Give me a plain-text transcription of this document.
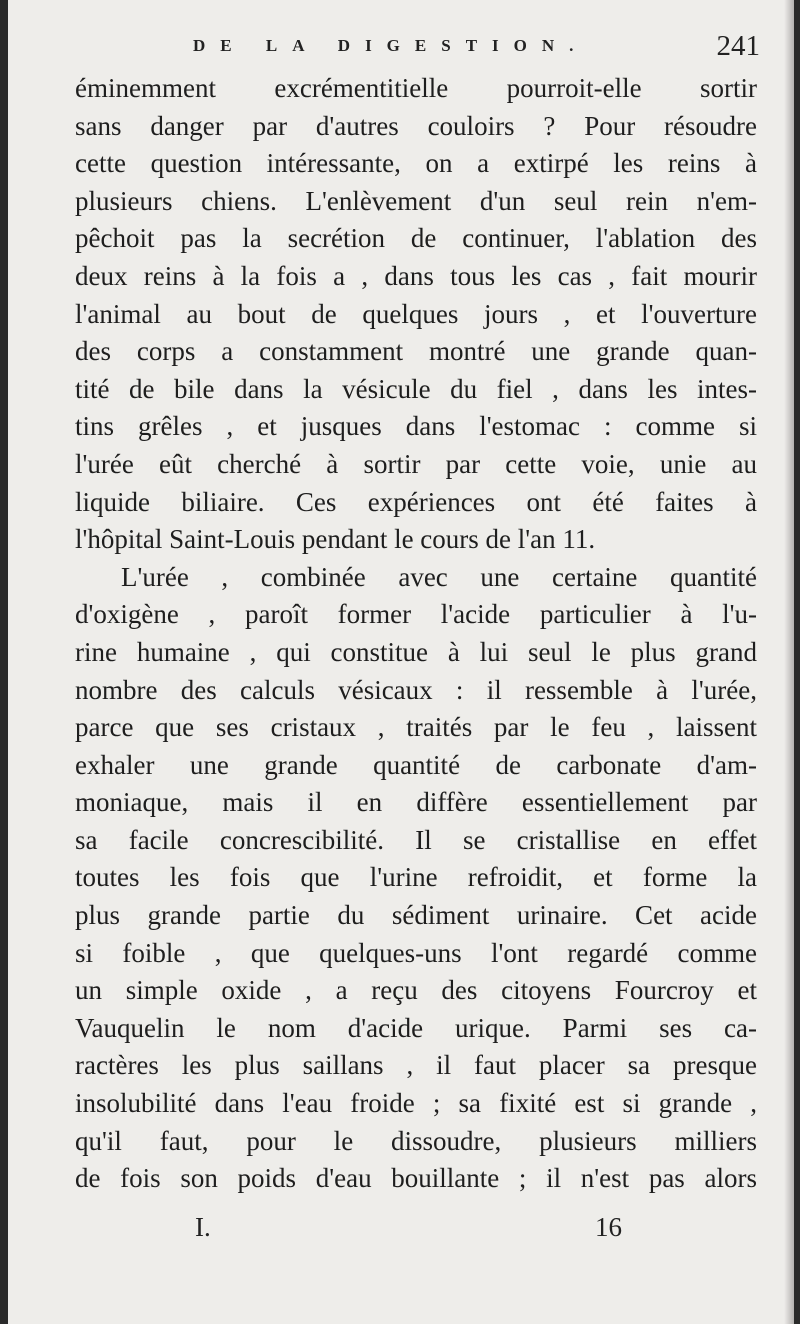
DE LA DIGESTION.	241
éminemment excrémentitielle pourroit-elle sortir
sans danger par d'autres couloirs ? Pour résoudre
cette question intéressante, on a extirpé les reins à
plusieurs chiens. L'enlèvement d'un seul rein n'em-
pêchoit pas la secrétion de continuer, l'ablation des
deux reins à la fois a , dans tous les cas , fait mourir
l'animal au bout de quelques jours , et l'ouverture
des corps a constamment montré une grande quan-
tité de bile dans la vésicule du fiel , dans les intes-
tins grêles , et jusques dans l'estomac : comme si
l'urée eût cherché à sortir par cette voie, unie au
liquide biliaire. Ces expériences ont été faites à
l'hôpital Saint-Louis pendant le cours de l'an 11.
L'urée , combinée avec une certaine quantité
d'oxigène , paroît former l'acide particulier à l'u-
rine humaine , qui constitue à lui seul le plus grand
nombre des calculs vésicaux : il ressemble à l'urée,
parce que ses cristaux , traités par le feu , laissent
exhaler une grande quantité de carbonate d'am-
moniaque, mais il en diffère essentiellement par
sa facile concrescibilité. Il se cristallise en effet
toutes les fois que l'urine refroidit, et forme la
plus grande partie du sédiment urinaire. Cet acide
si foible , que quelques-uns l'ont regardé comme
un simple oxide , a reçu des citoyens Fourcroy et
Vauquelin le nom d'acide urique. Parmi ses ca-
ractères les plus saillans , il faut placer sa presque
insolubilité dans l'eau froide ; sa fixité est si grande ,
qu'il faut, pour le dissoudre, plusieurs milliers
de fois son poids d'eau bouillante ; il n'est pas alors
I.	16
